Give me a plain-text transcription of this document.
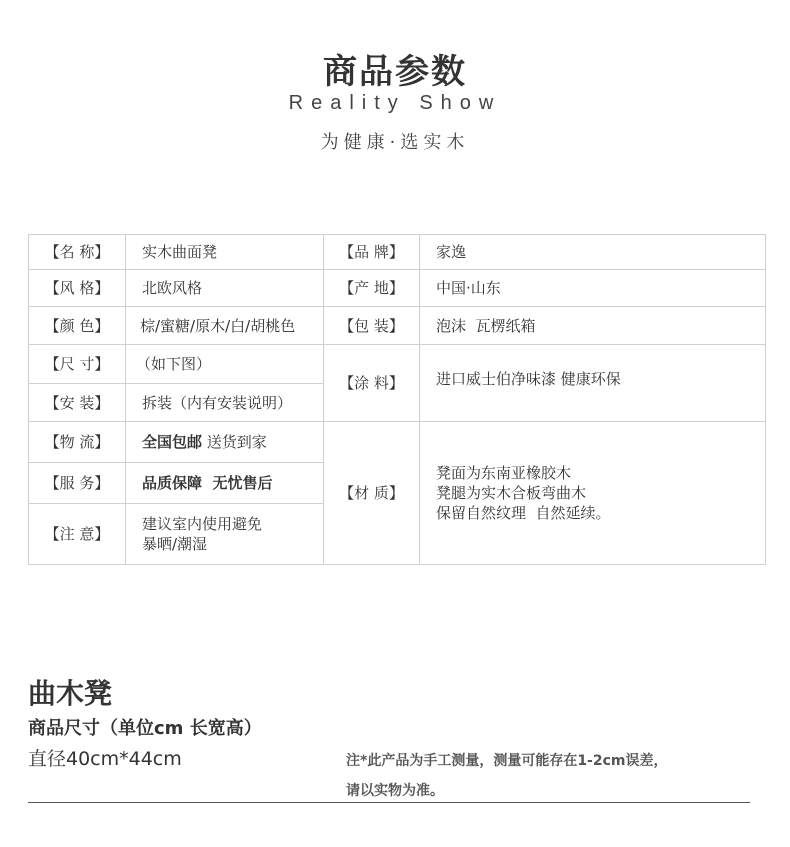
商品参数
Reality Show
为健康·选实木
【名 称】	实木曲面凳	【品 牌】	家逸
【风 格】	北欧风格	【产 地】	中国·山东
【颜 色】	棕/蜜糖/原木/白/胡桃色	【包 装】	泡沫  瓦楞纸箱
【尺 寸】	（如下图）	【涂 料】	进口威士伯净味漆 健康环保
【安 装】	拆装（内有安装说明）		
【物 流】	全国包邮 送货到家	【材 质】	凳面为东南亚橡胶木
凳腿为实木合板弯曲木
保留自然纹理  自然延续。

【服 务】	品质保障  无忧售后		
【注 意】	建议室内使用避免
暴晒/潮湿		
曲木凳
商品尺寸（单位cm 长宽高）
直径40cm*44cm	注*此产品为手工测量，测量可能存在1-2cm误差，
请以实物为准。
